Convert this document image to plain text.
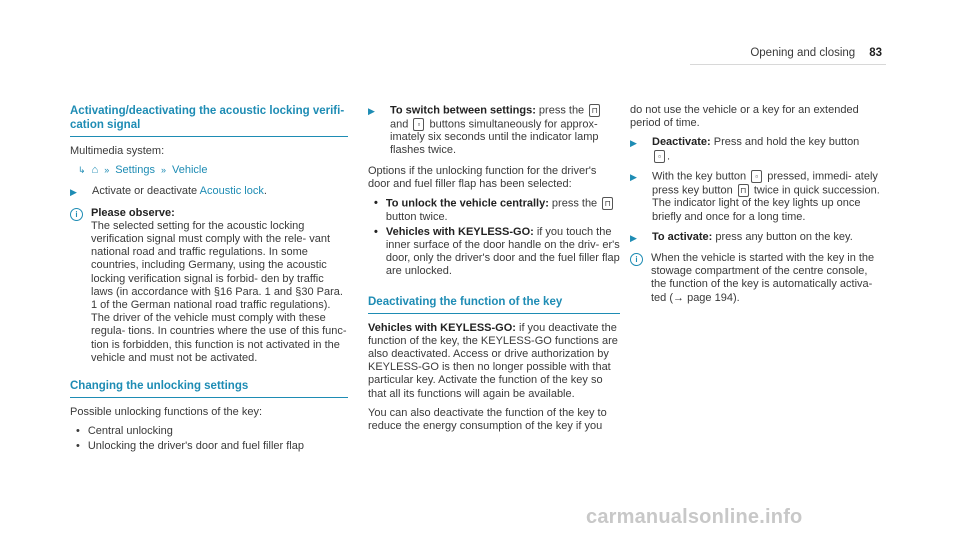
Opening and closing 83
Activating/deactivating the acoustic locking verifi- cation signal
Multimedia system:
↳ ⌂ » Settings » Vehicle
▶	Activate or deactivate Acoustic lock.
i	Please observe:
The selected setting for the acoustic locking verification signal must comply with the rele- vant national road and traffic regulations. In some countries, including Germany, using the acoustic locking verification signal is forbid- den by traffic laws (in accordance with §16 Para. 1 and §30 Para. 1 of the German national road traffic regulations). The driver of the vehicle must comply with these regula- tions. In countries where the use of this func- tion is forbidden, this function is not activated in the vehicle and must not be activated.
Changing the unlocking settings
Possible unlocking functions of the key:
• Central unlocking
• Unlocking the driver's door and fuel filler flap
▶	To switch between settings: press the ⊓ and ▫ buttons simultaneously for approx- imately six seconds until the indicator lamp flashes twice.
Options if the unlocking function for the driver's door and fuel filler flap has been selected:
• To unlock the vehicle centrally: press the ⊓ button twice.
• Vehicles with KEYLESS-GO: if you touch the inner surface of the door handle on the driv- er's door, only the driver's door and the fuel filler flap are unlocked.
Deactivating the function of the key
Vehicles with KEYLESS-GO: if you deactivate the function of the key, the KEYLESS-GO functions are also deactivated. Access or drive authorization by KEYLESS-GO is then no longer possible with that particular key. Activate the function of the key so that all its functions will again be available.
You can also deactivate the function of the key to reduce the energy consumption of the key if you
do not use the vehicle or a key for an extended period of time.
▶	Deactivate: Press and hold the key button
▫ .
▶	With the key button ▫ pressed, immedi- ately press key button ⊓ twice in quick succession.
The indicator light of the key lights up once briefly and once for a long time.
▶	To activate: press any button on the key.
i	When the vehicle is started with the key in the stowage compartment of the centre console, the function of the key is automatically activa- ted (→ page 194).
carmanualsonline.info
